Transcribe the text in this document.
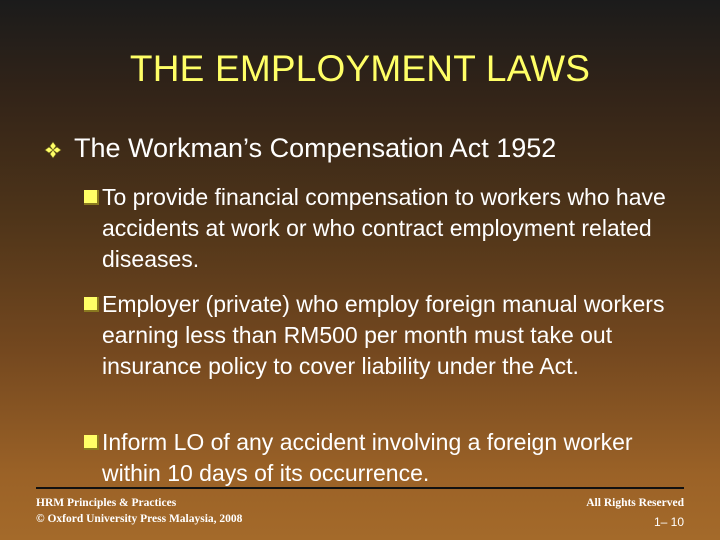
THE EMPLOYMENT LAWS
The Workman’s Compensation Act 1952
To provide financial compensation to workers who have accidents at work or who contract employment related diseases.
Employer (private) who employ foreign manual workers earning less than RM500 per month must take out insurance policy to cover liability under the Act.
Inform LO of any accident involving a foreign worker within 10 days of its occurrence.
HRM Principles & Practices
© Oxford University Press Malaysia, 2008
All Rights Reserved
1– 10
